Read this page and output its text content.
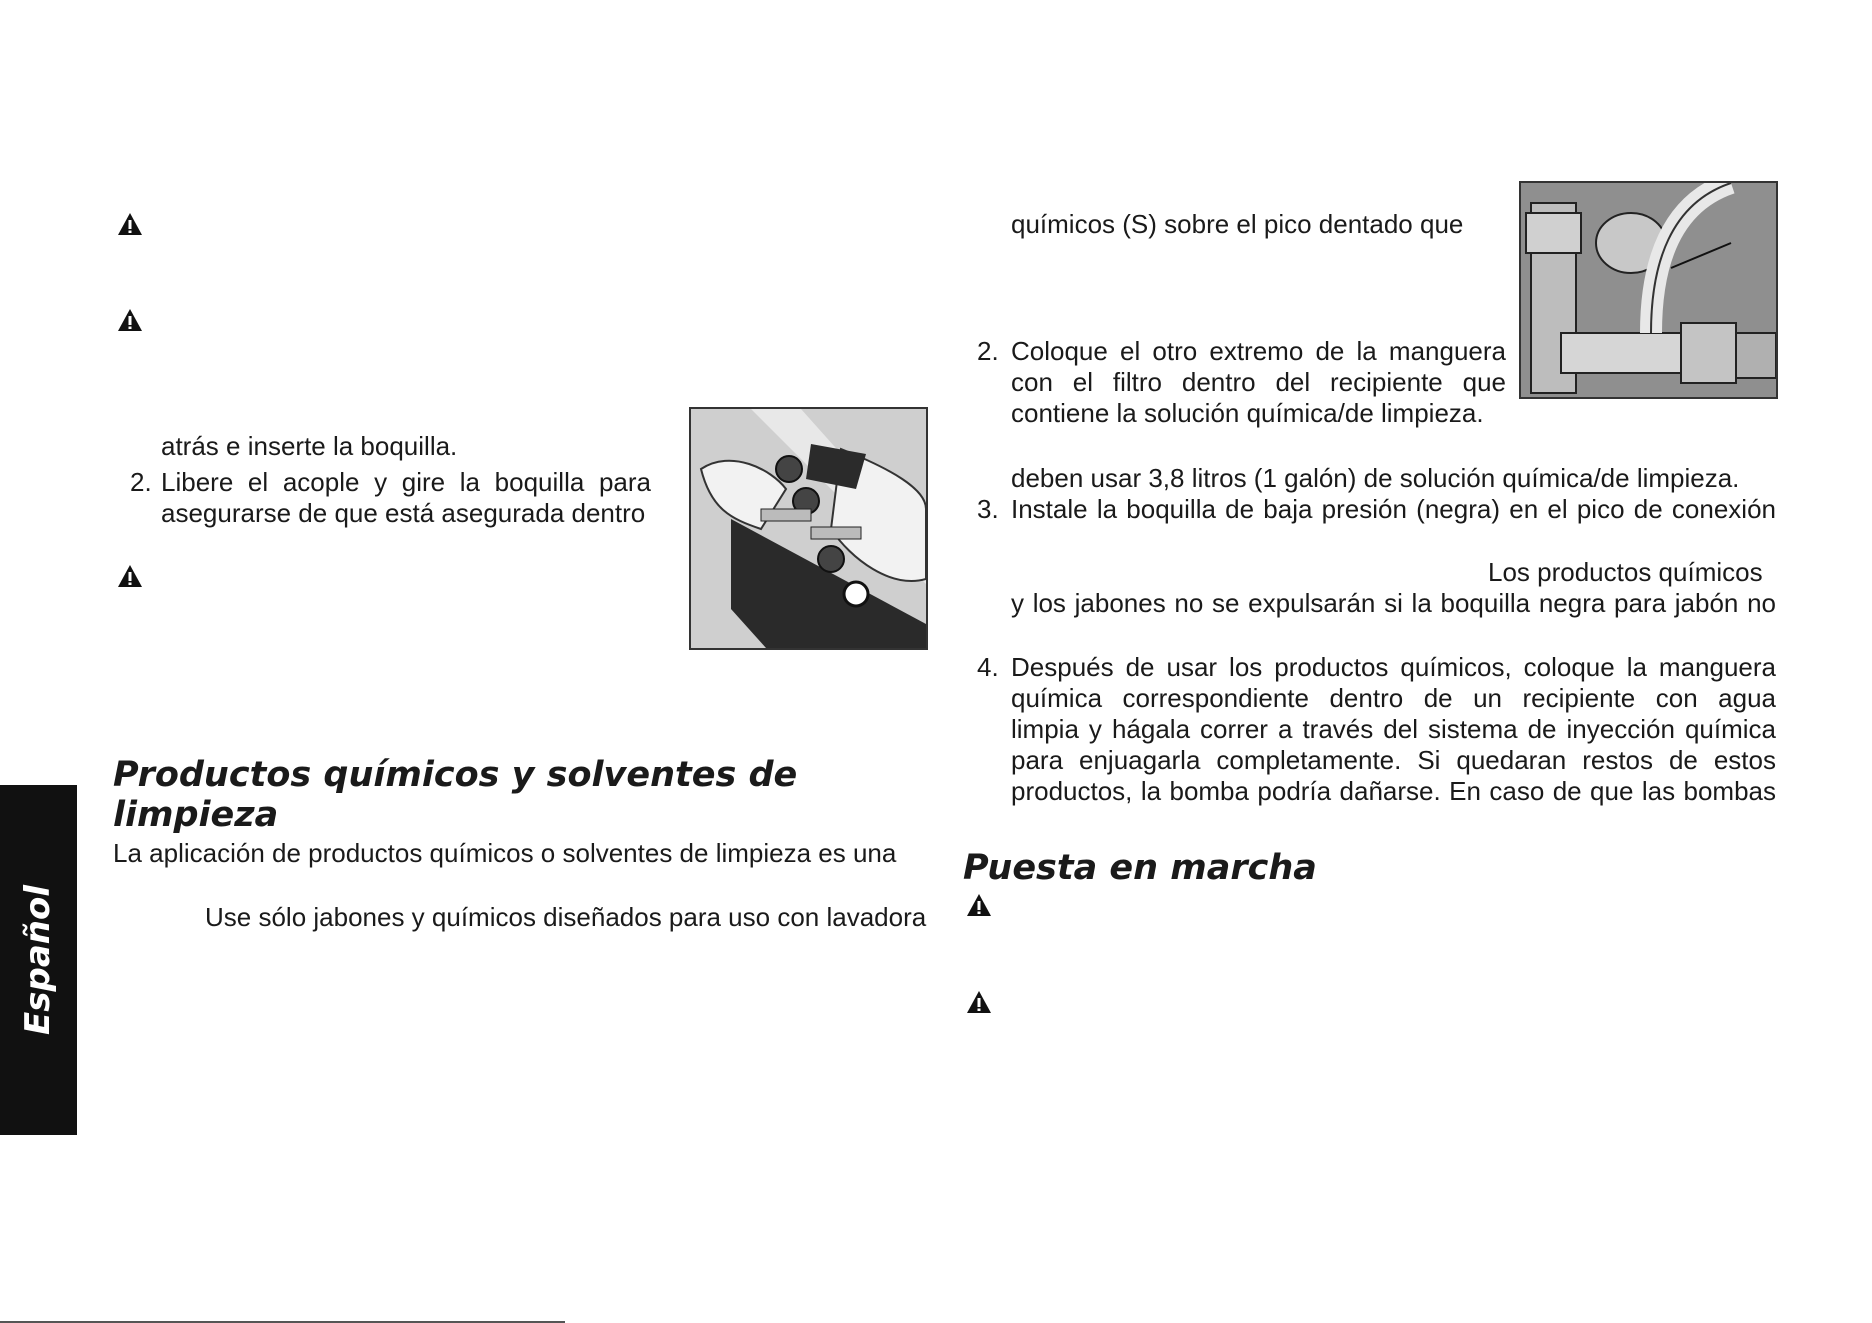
atrás e inserte la boquilla.

2. Libere el acople y gire la boquilla para

asegurarse de que está asegurada dentro

Productos químicos y solventes de
limpieza

La aplicación de productos químicos o solventes de limpieza es una

Use sólo jabones y químicos diseñados para uso con lavadora

Español

químicos (S) sobre el pico dentado que

2. Coloque el otro extremo de la manguera

con el filtro dentro del recipiente que

contiene la solución química/de limpieza.

deben usar 3,8 litros (1 galón) de solución química/de limpieza.

3. Instale la boquilla de baja presión (negra) en el pico de conexión

Los productos químicos

y los jabones no se expulsarán si la boquilla negra para jabón no

4. Después de usar los productos químicos, coloque la manguera

química correspondiente dentro de un recipiente con agua

limpia y hágala correr a través del sistema de inyección química

para enjuagarla completamente. Si quedaran restos de estos

productos, la bomba podría dañarse. En caso de que las bombas

Puesta en marcha
